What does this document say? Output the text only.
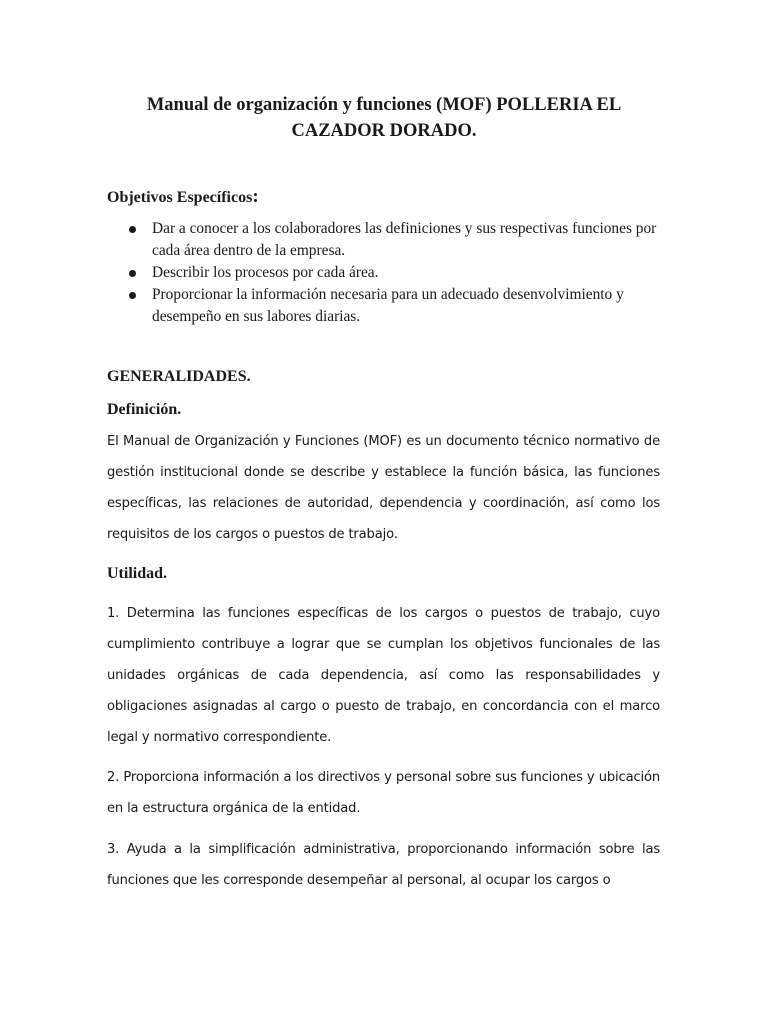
Manual de organización y funciones (MOF) POLLERIA EL CAZADOR DORADO.
Objetivos Específicos:
Dar a conocer a los colaboradores las definiciones y sus respectivas funciones por cada área dentro de la empresa.
Describir los procesos por cada área.
Proporcionar la información necesaria para un adecuado desenvolvimiento y desempeño en sus labores diarias.
GENERALIDADES.
Definición.

El Manual de Organización y Funciones (MOF) es un documento técnico normativo de gestión institucional donde se describe y establece la función básica, las funciones específicas, las relaciones de autoridad, dependencia y coordinación, así como los requisitos de los cargos o puestos de trabajo.

Utilidad.

1. Determina las funciones específicas de los cargos o puestos de trabajo, cuyo cumplimiento contribuye a lograr que se cumplan los objetivos funcionales de las unidades orgánicas de cada dependencia, así como las responsabilidades y obligaciones asignadas al cargo o puesto de trabajo, en concordancia con el marco legal y normativo correspondiente.

2. Proporciona información a los directivos y personal sobre sus funciones y ubicación en la estructura orgánica de la entidad.

3. Ayuda a la simplificación administrativa, proporcionando información sobre las funciones que les corresponde desempeñar al personal, al ocupar los cargos o
